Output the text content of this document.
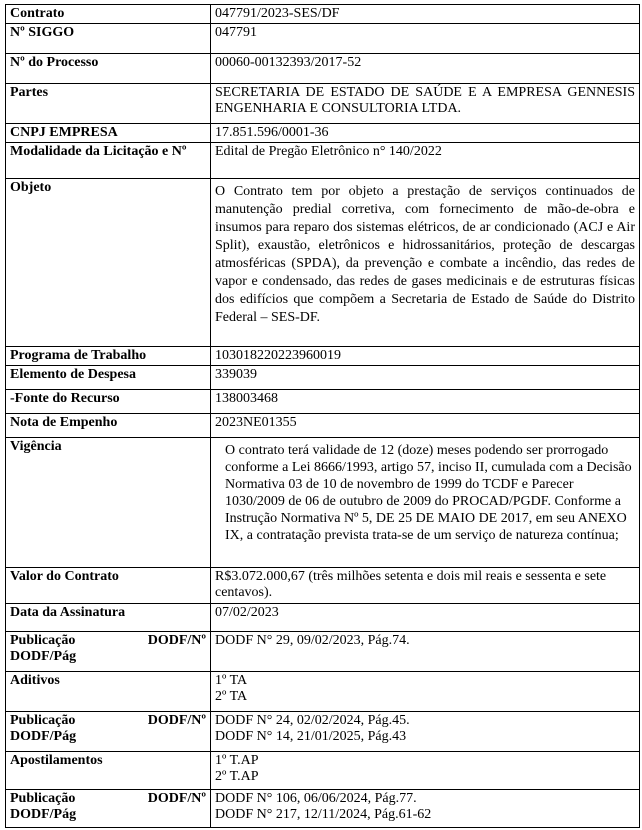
Contrato	047791/2023-SES/DF
Nº SIGGO	047791
Nº do Processo	00060-00132393/2017-52
Partes	SECRETARIA DE ESTADO DE SAÚDE E A EMPRESA GENNESIS ENGENHARIA E CONSULTORIA LTDA.
CNPJ EMPRESA	17.851.596/0001-36
Modalidade da Licitação e Nº	Edital de Pregão Eletrônico n° 140/2022
Objeto	O Contrato tem por objeto a prestação de serviços continuados de manutenção predial corretiva, com fornecimento de mão-de-obra e insumos para reparo dos sistemas elétricos, de ar condicionado (ACJ e Air Split), exaustão, eletrônicos e hidrossanitários, proteção de descargas atmosféricas (SPDA), da prevenção e combate a incêndio, das redes de vapor e condensado, das redes de gases medicinais e de estruturas físicas dos edifícios que compõem a Secretaria de Estado de Saúde do Distrito Federal – SES-DF.
Programa de Trabalho	10301822022396001​9
Elemento de Despesa	339039
-Fonte do Recurso	138003468
Nota de Empenho	2023NE01355
Vigência	O contrato terá validade de 12 (doze) meses podendo ser prorrogado conforme a Lei 8666/1993, artigo 57, inciso II, cumulada com a Decisão Normativa 03 de 10 de novembro de 1999 do TCDF e Parecer 1030/2009 de 06 de outubro de 2009 do PROCAD/PGDF. Conforme a Instrução Normativa Nº 5, DE 25 DE MAIO DE 2017, em seu ANEXO IX, a contratação prevista trata-se de um serviço de natureza contínua;
Valor do Contrato	R$3.072.000,67 (três milhões setenta e dois mil reais e sessenta e sete centavos).
Data da Assinatura	07/02/2023

Publicação DODF/Nº
DODF/Pág	DODF N° 29, 09/02/2023, Pág.74.
Aditivos	1º TA
2º TA

Publicação DODF/Nº
DODF/Pág	DODF N° 24, 02/02/2024, Pág.45.
DODF N° 14, 21/01/2025, Pág.43

Apostilamentos	1º T.AP
2º T.AP

Publicação DODF/Nº
DODF/Pág	DODF N° 106, 06/06/2024, Pág.77.
DODF N° 217, 12/11/2024, Pág.61-62
